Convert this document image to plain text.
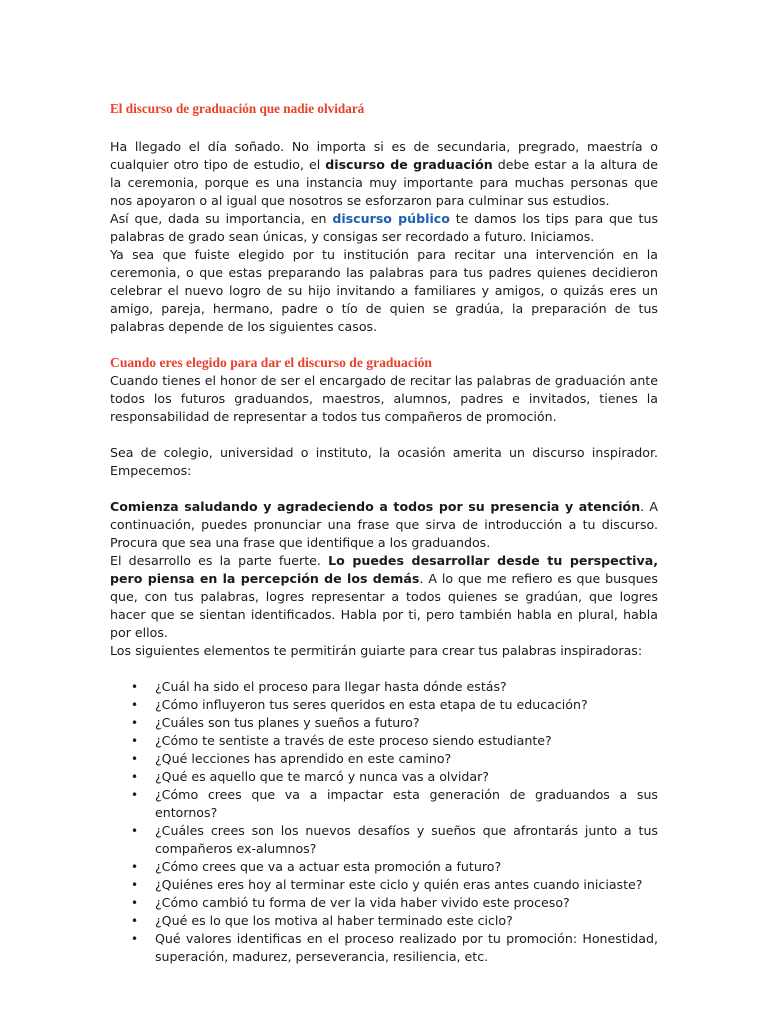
El discurso de graduación que nadie olvidará

Ha llegado el día soñado. No importa si es de secundaria, pregrado, maestría o cualquier otro tipo de estudio, el discurso de graduación debe estar a la altura de la ceremonia, porque es una instancia muy importante para muchas personas que nos apoyaron o al igual que nosotros se esforzaron para culminar sus estudios.

Así que, dada su importancia, en discurso público te damos los tips para que tus palabras de grado sean únicas, y consigas ser recordado a futuro. Iniciamos.

Ya sea que fuiste elegido por tu institución para recitar una intervención en la ceremonia, o que estas preparando las palabras para tus padres quienes decidieron celebrar el nuevo logro de su hijo invitando a familiares y amigos, o quizás eres un amigo, pareja, hermano, padre o tío de quien se gradúa, la preparación de tus palabras depende de los siguientes casos.

Cuando eres elegido para dar el discurso de graduación

Cuando tienes el honor de ser el encargado de recitar las palabras de graduación ante todos los futuros graduandos, maestros, alumnos, padres e invitados, tienes la responsabilidad de representar a todos tus compañeros de promoción.

Sea de colegio, universidad o instituto, la ocasión amerita un discurso inspirador. Empecemos:

Comienza saludando y agradeciendo a todos por su presencia y atención. A continuación, puedes pronunciar una frase que sirva de introducción a tu discurso. Procura que sea una frase que identifique a los graduandos.

El desarrollo es la parte fuerte. Lo puedes desarrollar desde tu perspectiva, pero piensa en la percepción de los demás. A lo que me refiero es que busques que, con tus palabras, logres representar a todos quienes se gradúan, que logres hacer que se sientan identificados. Habla por ti, pero también habla en plural, habla por ellos.

Los siguientes elementos te permitirán guiarte para crear tus palabras inspiradoras:

• ¿Cuál ha sido el proceso para llegar hasta dónde estás?
• ¿Cómo influyeron tus seres queridos en esta etapa de tu educación?
• ¿Cuáles son tus planes y sueños a futuro?
• ¿Cómo te sentiste a través de este proceso siendo estudiante?
• ¿Qué lecciones has aprendido en este camino?
• ¿Qué es aquello que te marcó y nunca vas a olvidar?
• ¿Cómo crees que va a impactar esta generación de graduandos a sus entornos?
• ¿Cuáles crees son los nuevos desafíos y sueños que afrontarás junto a tus compañeros ex-alumnos?
• ¿Cómo crees que va a actuar esta promoción a futuro?
• ¿Quiénes eres hoy al terminar este ciclo y quién eras antes cuando iniciaste?
• ¿Cómo cambió tu forma de ver la vida haber vivido este proceso?
• ¿Qué es lo que los motiva al haber terminado este ciclo?
• Qué valores identificas en el proceso realizado por tu promoción: Honestidad, superación, madurez, perseverancia, resiliencia, etc.
